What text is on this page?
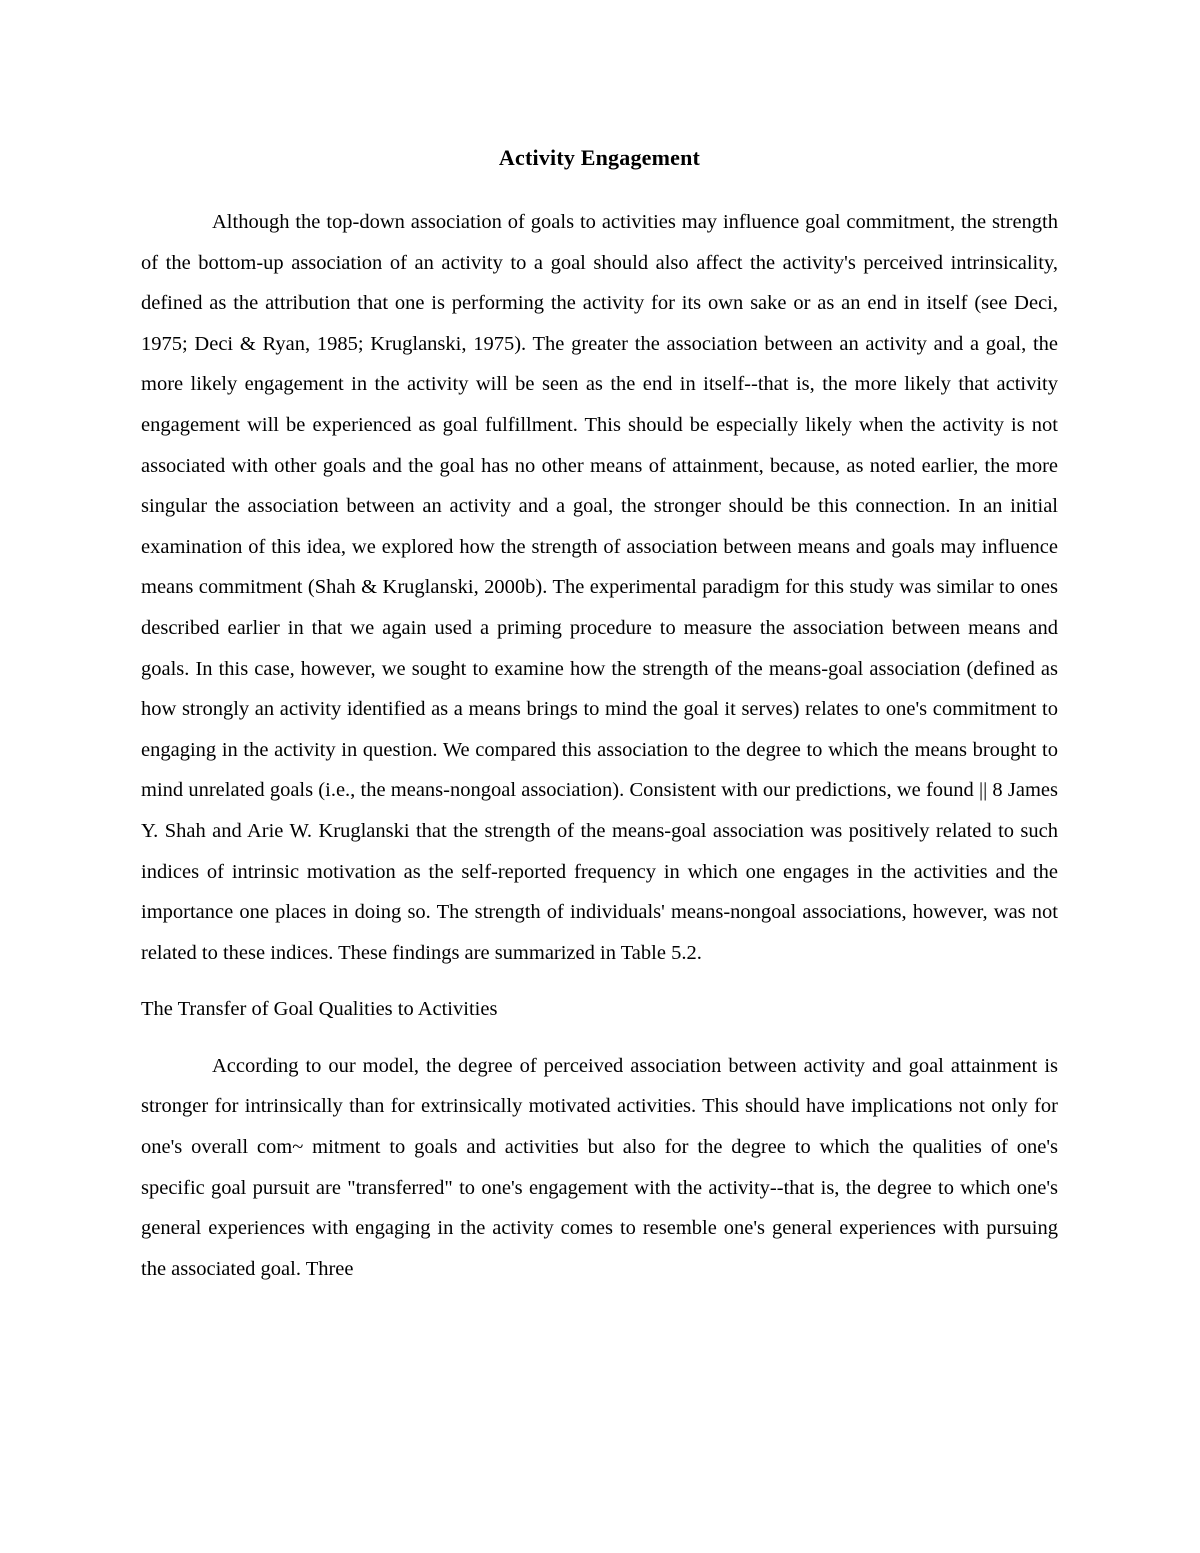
Activity Engagement

Although the top-down association of goals to activities may influence goal commitment, the strength of the bottom-up association of an activity to a goal should also affect the activity's perceived intrinsicality, defined as the attribution that one is performing the activity for its own sake or as an end in itself (see Deci, 1975; Deci & Ryan, 1985; Kruglanski, 1975). The greater the association between an activity and a goal, the more likely engagement in the activity will be seen as the end in itself--that is, the more likely that activity engagement will be experienced as goal fulfillment. This should be especially likely when the activity is not associated with other goals and the goal has no other means of attainment, because, as noted earlier, the more singular the association between an activity and a goal, the stronger should be this connection. In an initial examination of this idea, we explored how the strength of association between means and goals may influence means commitment (Shah & Kruglanski, 2000b). The experimental paradigm for this study was similar to ones described earlier in that we again used a priming procedure to measure the association between means and goals. In this case, however, we sought to examine how the strength of the means-goal association (defined as how strongly an activity identified as a means brings to mind the goal it serves) relates to one's commitment to engaging in the activity in question. We compared this association to the degree to which the means brought to mind unrelated goals (i.e., the means-nongoal association). Consistent with our predictions, we found || 8 James Y. Shah and Arie W. Kruglanski that the strength of the means-goal association was positively related to such indices of intrinsic motivation as the self-reported frequency in which one engages in the activities and the importance one places in doing so. The strength of individuals' means-nongoal associations, however, was not related to these indices. These findings are summarized in Table 5.2.

The Transfer of Goal Qualities to Activities

According to our model, the degree of perceived association between activity and goal attainment is stronger for intrinsically than for extrinsically motivated activities. This should have implications not only for one's overall com~ mitment to goals and activities but also for the degree to which the qualities of one's specific goal pursuit are "transferred" to one's engagement with the activity--that is, the degree to which one's general experiences with engaging in the activity comes to resemble one's general experiences with pursuing the associated goal. Three
